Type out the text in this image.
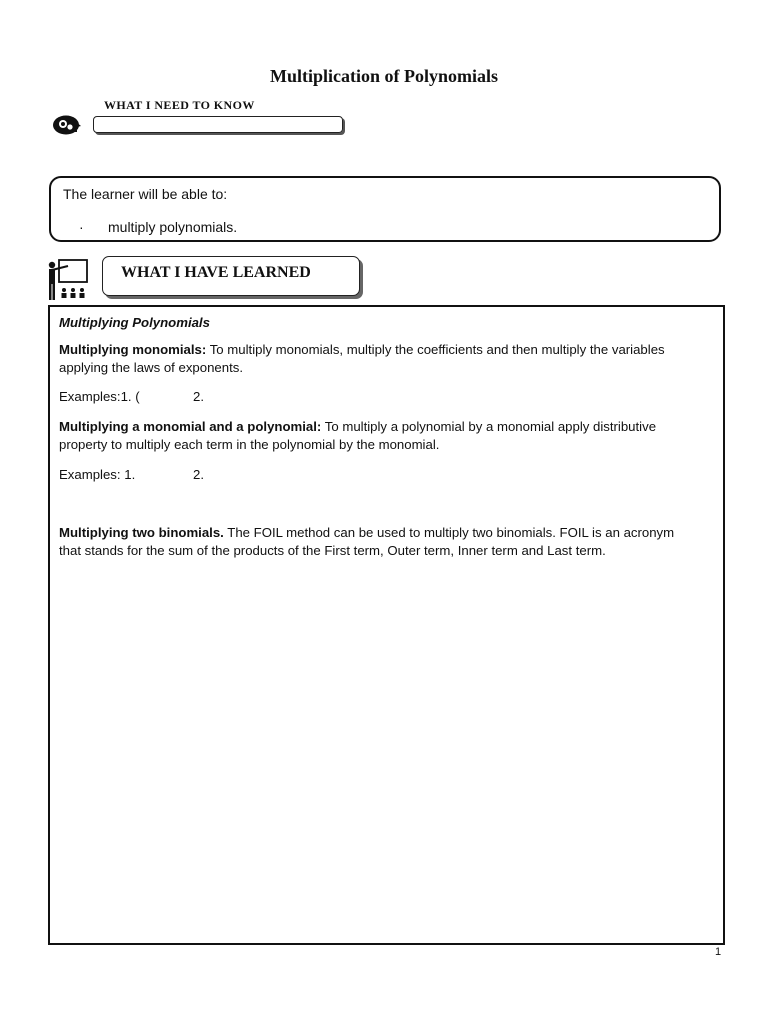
Multiplication of Polynomials
WHAT I NEED TO KNOW
The learner will be able to:
· multiply polynomials.
WHAT I HAVE LEARNED
Multiplying Polynomials
Multiplying monomials: To multiply monomials, multiply the coefficients and then multiply the variables
applying the laws of exponents.
Examples:1. (	2.
Multiplying a monomial and a polynomial: To multiply a polynomial by a monomial apply distributive
property to multiply each term in the polynomial by the monomial.
Examples: 1.	2.
Multiplying two binomials. The FOIL method can be used to multiply two binomials. FOIL is an acronym
that stands for the sum of the products of the First term, Outer term, Inner term and Last term.
1
